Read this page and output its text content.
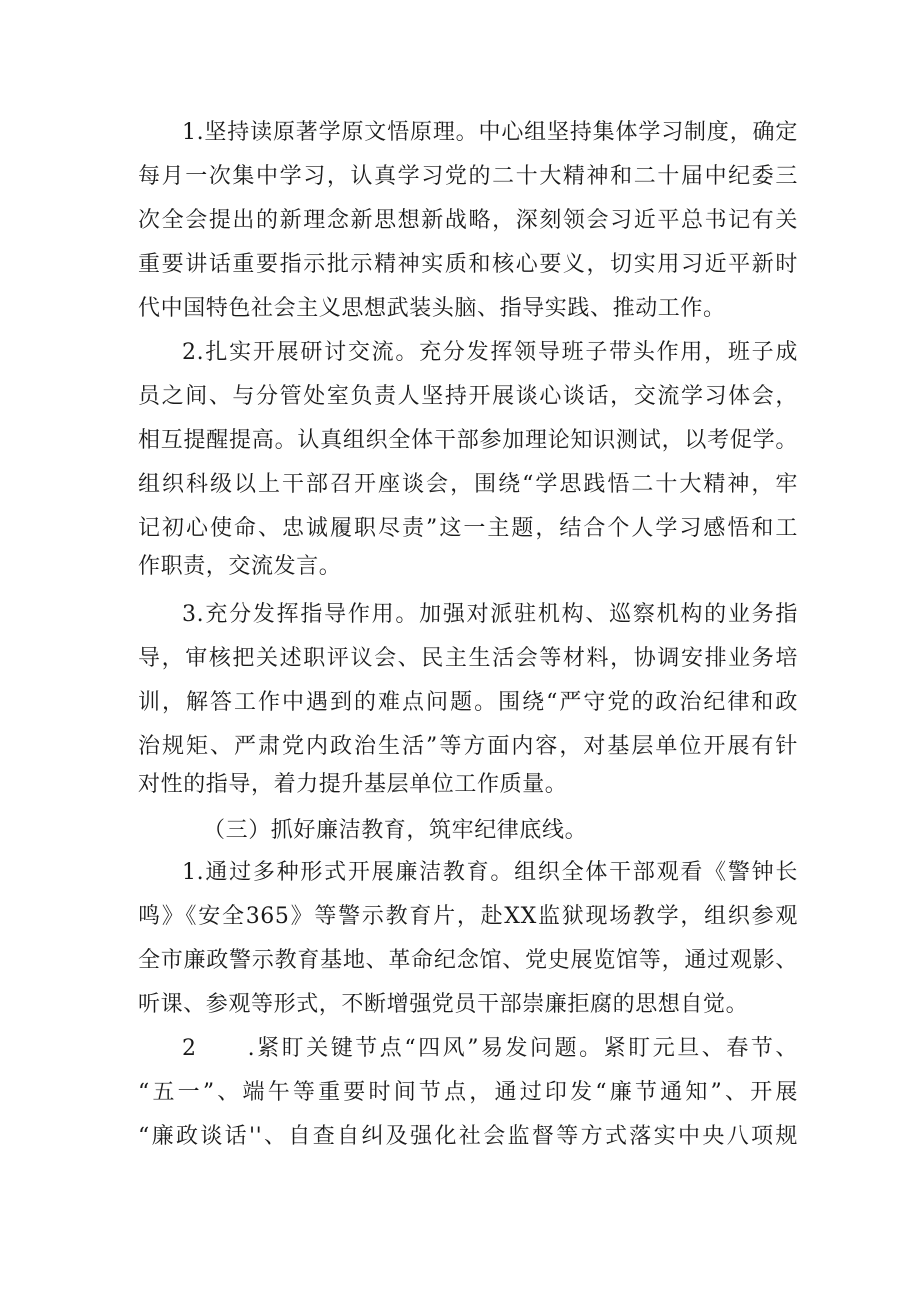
1.坚持读原著学原文悟原理。中心组坚持集体学习制度，确定
每月一次集中学习，认真学习党的二十大精神和二十届中纪委三
次全会提出的新理念新思想新战略，深刻领会习近平总书记有关
重要讲话重要指示批示精神实质和核心要义，切实用习近平新时
代中国特色社会主义思想武装头脑、指导实践、推动工作。
2.扎实开展研讨交流。充分发挥领导班子带头作用，班子成
员之间、与分管处室负责人坚持开展谈心谈话，交流学习体会，
相互提醒提高。认真组织全体干部参加理论知识测试，以考促学。
组织科级以上干部召开座谈会，围绕“学思践悟二十大精神，牢
记初心使命、忠诚履职尽责”这一主题，结合个人学习感悟和工
作职责，交流发言。
3.充分发挥指导作用。加强对派驻机构、巡察机构的业务指
导，审核把关述职评议会、民主生活会等材料，协调安排业务培
训，解答工作中遇到的难点问题。围绕“严守党的政治纪律和政
治规矩、严肃党内政治生活”等方面内容，对基层单位开展有针
对性的指导，着力提升基层单位工作质量。
（三）抓好廉洁教育，筑牢纪律底线。
1.通过多种形式开展廉洁教育。组织全体干部观看《警钟长
鸣》《安全365》等警示教育片，赴XX监狱现场教学，组织参观
全市廉政警示教育基地、革命纪念馆、党史展览馆等，通过观影、
听课、参观等形式，不断增强党员干部崇廉拒腐的思想自觉。
2　　.紧盯关键节点“四风”易发问题。紧盯元旦、春节、
“五一”、端午等重要时间节点，通过印发“廉节通知”、开展
“廉政谈话''、自查自纠及强化社会监督等方式落实中央八项规
